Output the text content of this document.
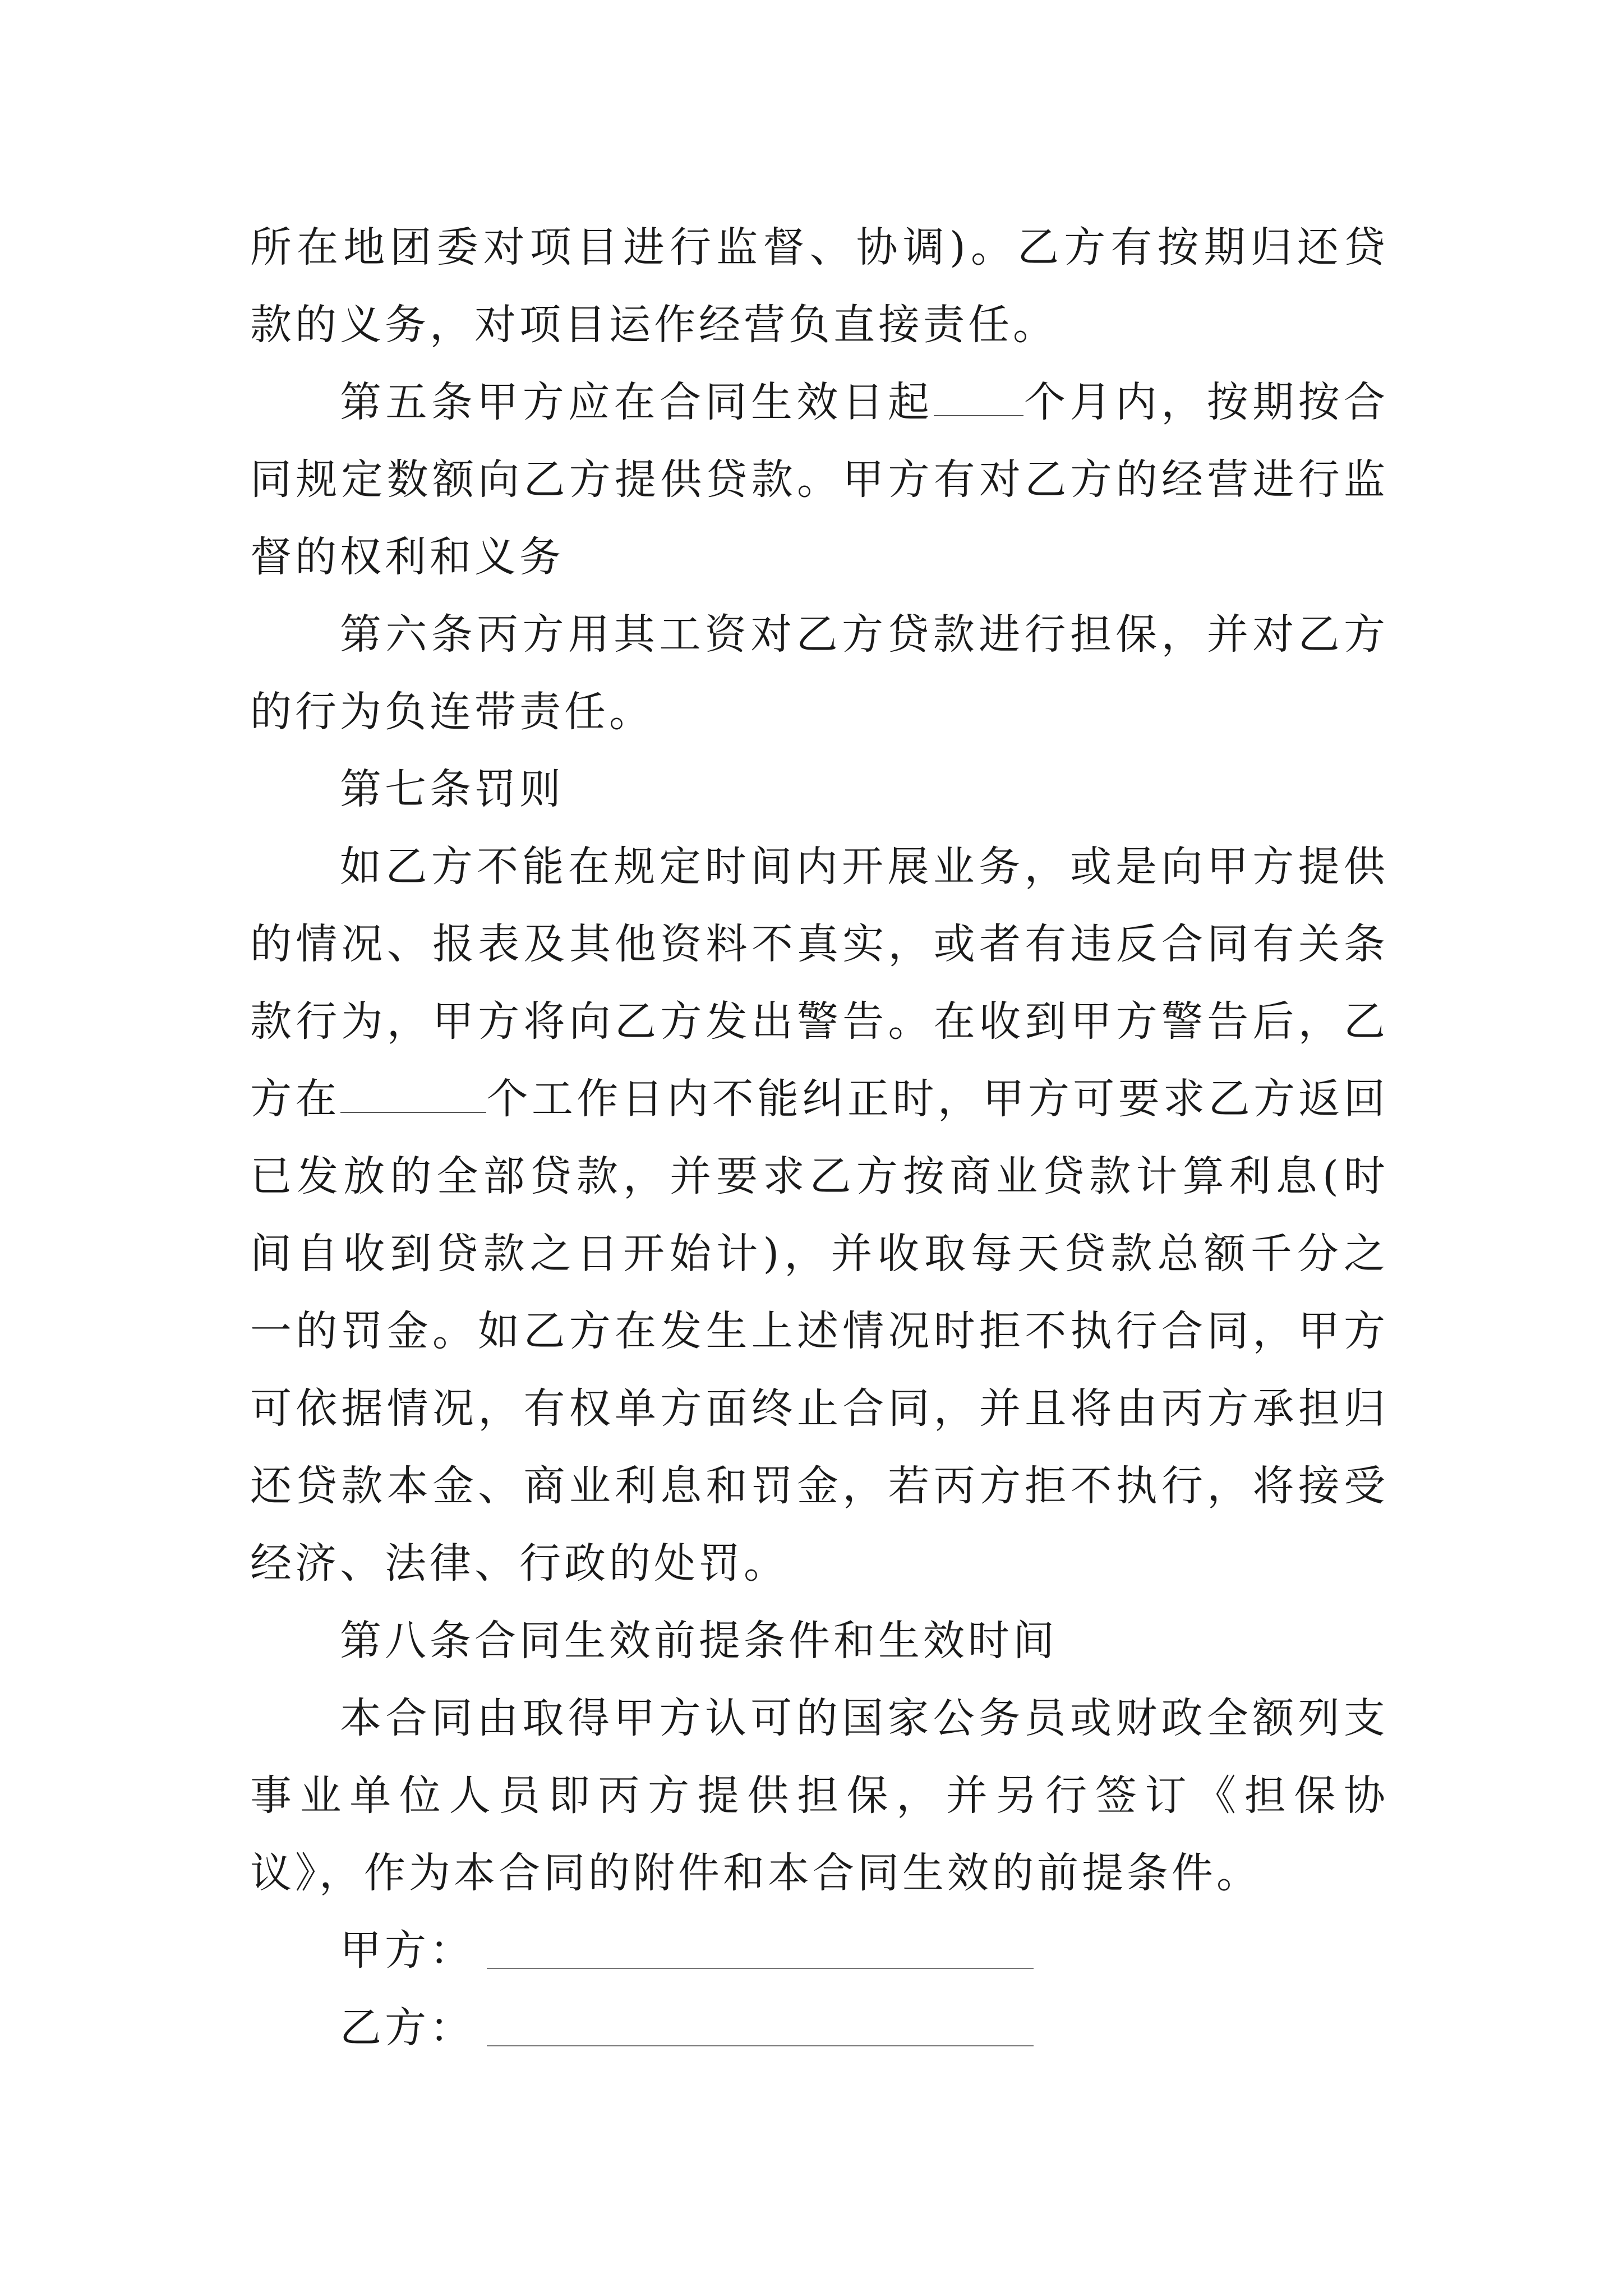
所在地团委对项目进行监督、协调)。乙方有按期归还贷款的义务，对项目运作经营负直接责任。

第五条甲方应在合同生效日起 个月内，按期按合同规定数额向乙方提供贷款。甲方有对乙方的经营进行监督的权利和义务

第六条丙方用其工资对乙方贷款进行担保，并对乙方的行为负连带责任。

第七条罚则

如乙方不能在规定时间内开展业务，或是向甲方提供的情况、报表及其他资料不真实，或者有违反合同有关条款行为，甲方将向乙方发出警告。在收到甲方警告后，乙方在	个工作日内不能纠正时，甲方可要求乙方返回已发放的全部贷款，并要求乙方按商业贷款计算利息(时间自收到贷款之日开始计)，并收取每天贷款总额千分之一的罚金。如乙方在发生上述情况时拒不执行合同，甲方可依据情况，有权单方面终止合同，并且将由丙方承担归还贷款本金、商业利息和罚金，若丙方拒不执行，将接受经济、法律、行政的处罚。

第八条合同生效前提条件和生效时间

本合同由取得甲方认可的国家公务员或财政全额列支事业单位人员即丙方提供担保，并另行签订《担保协议》，作为本合同的附件和本合同生效的前提条件。

甲方：
乙方：
